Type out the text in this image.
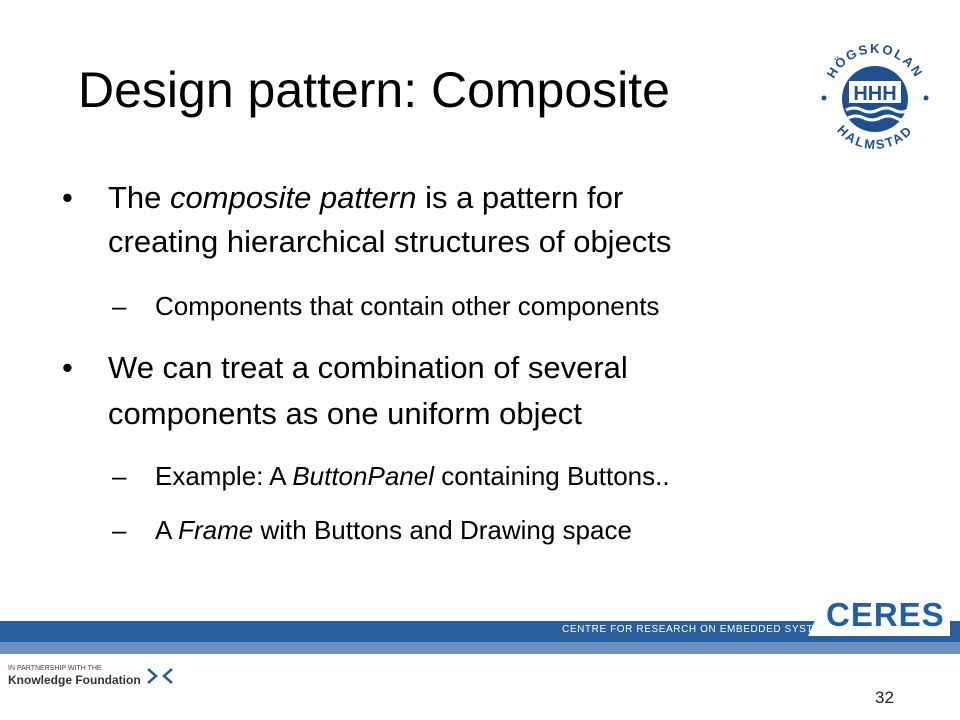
Design pattern: Composite	HÖGSKOLAN
HALMSTAD
HHH
• The composite pattern is a pattern for
creating hierarchical structures of objects
– Components that contain other components
• We can treat a combination of several
components as one uniform object
– Example: A ButtonPanel containing Buttons..
– A Frame with Buttons and Drawing space
CERES
CENTRE FOR RESEARCH ON EMBEDDED SYSTEMS
IN PARTNERSHIP WITH THE
Knowledge Foundation
32
